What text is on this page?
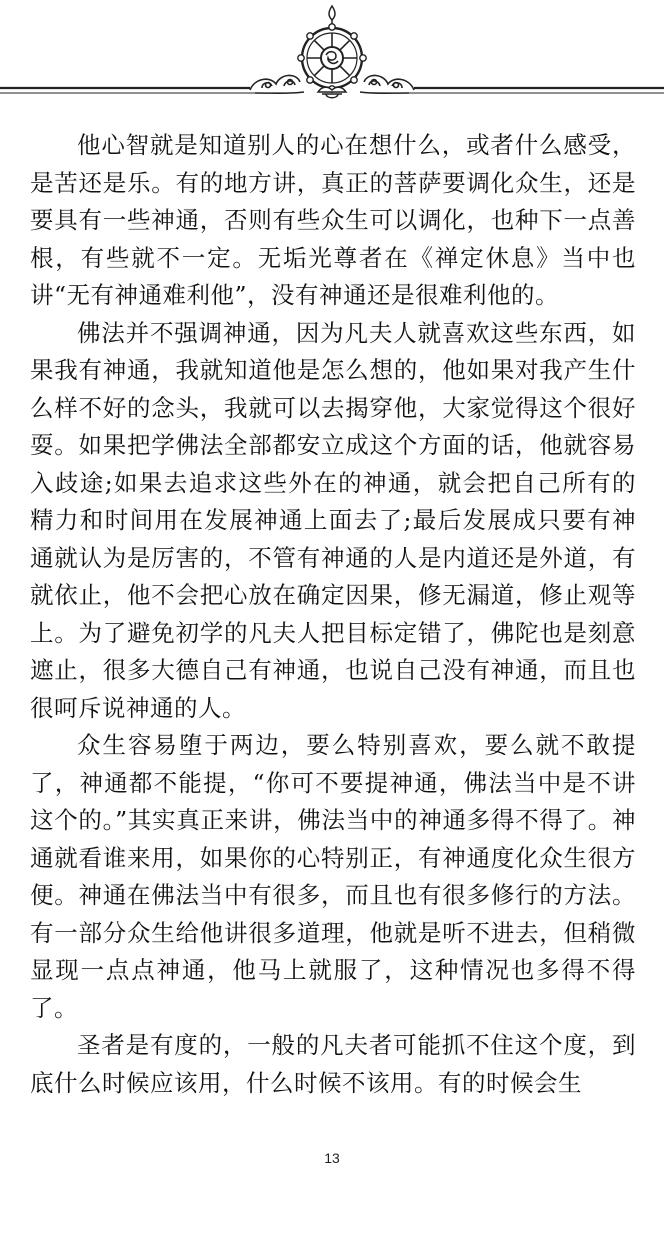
他心智就是知道别人的心在想什么，或者什么感受，是苦还是乐。有的地方讲，真正的菩萨要调化众生，还是要具有一些神通，否则有些众生可以调化，也种下一点善根，有些就不一定。无垢光尊者在《禅定休息》当中也讲“无有神通难利他”，没有神通还是很难利他的。

佛法并不强调神通，因为凡夫人就喜欢这些东西，如果我有神通，我就知道他是怎么想的，他如果对我产生什么样不好的念头，我就可以去揭穿他，大家觉得这个很好耍。如果把学佛法全部都安立成这个方面的话，他就容易入歧途;如果去追求这些外在的神通，就会把自己所有的精力和时间用在发展神通上面去了;最后发展成只要有神通就认为是厉害的，不管有神通的人是内道还是外道，有就依止，他不会把心放在确定因果，修无漏道，修止观等上。为了避免初学的凡夫人把目标定错了，佛陀也是刻意遮止，很多大德自己有神通，也说自己没有神通，而且也很呵斥说神通的人。

众生容易堕于两边，要么特别喜欢，要么就不敢提了，神通都不能提，“你可不要提神通，佛法当中是不讲这个的。”其实真正来讲，佛法当中的神通多得不得了。神通就看谁来用，如果你的心特别正，有神通度化众生很方便。神通在佛法当中有很多，而且也有很多修行的方法。有一部分众生给他讲很多道理，他就是听不进去，但稍微显现一点点神通，他马上就服了，这种情况也多得不得了。

圣者是有度的，一般的凡夫者可能抓不住这个度，到底什么时候应该用，什么时候不该用。有的时候会生

13
